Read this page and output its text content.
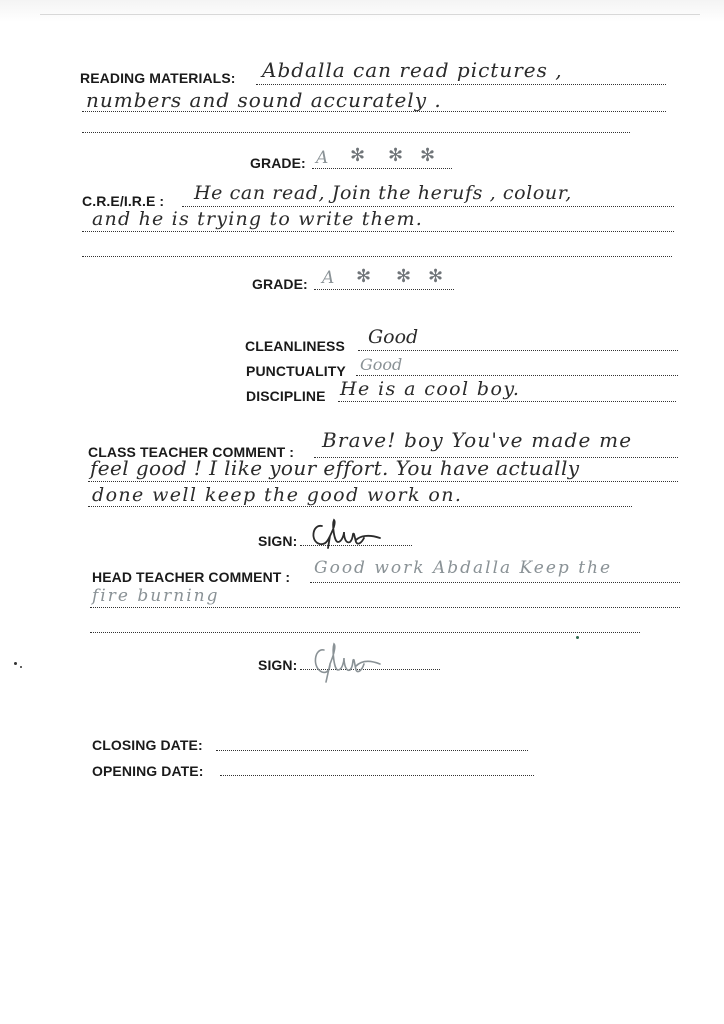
READING MATERIALS: Abdalla can read pictures ,
numbers and sound accurately .
GRADE: A ✻ ✻ ✻
C.R.E/I.R.E : He can read, Join the herufs , colour,
and he is trying to write them.
GRADE: A ✻ ✻ ✻
CLEANLINESS Good
PUNCTUALITY Good
DISCIPLINE He is a cool boy.
CLASS TEACHER COMMENT : Brave! boy You've made me
feel good ! I like your effort. You have actually
done well keep the good work on.
SIGN:
HEAD TEACHER COMMENT : Good work Abdalla Keep the
fire burning
SIGN:
CLOSING DATE:
OPENING DATE:
